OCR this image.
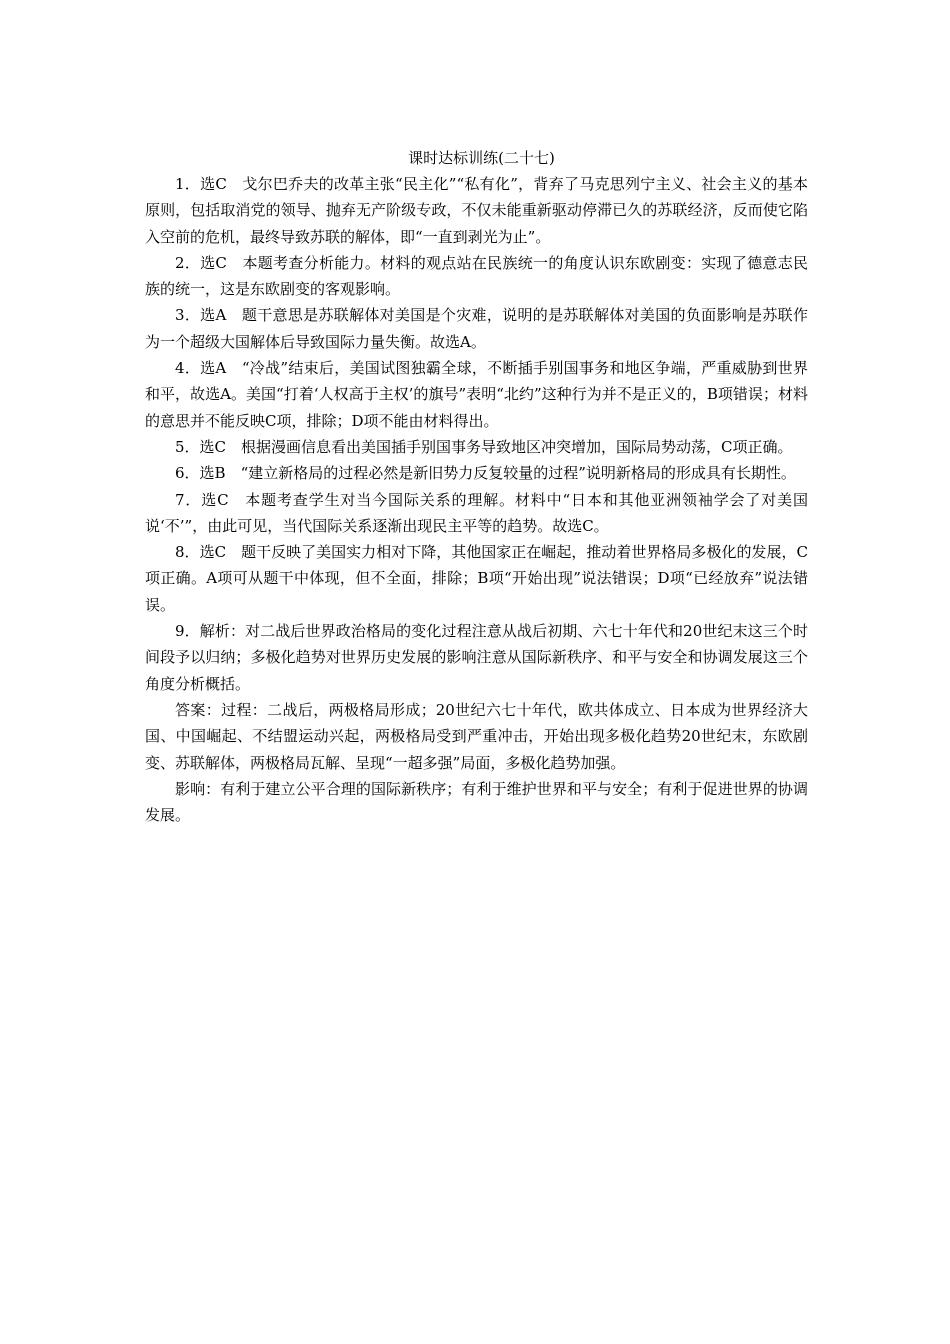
课时达标训练(二十七)

1．选C　戈尔巴乔夫的改革主张“民主化”“私有化”，背弃了马克思列宁主义、社会主义的基本原则，包括取消党的领导、抛弃无产阶级专政，不仅未能重新驱动停滞已久的苏联经济，反而使它陷入空前的危机，最终导致苏联的解体，即“一直到剥光为止”。

2．选C　本题考查分析能力。材料的观点站在民族统一的角度认识东欧剧变：实现了德意志民族的统一，这是东欧剧变的客观影响。

3．选A　题干意思是苏联解体对美国是个灾难，说明的是苏联解体对美国的负面影响是苏联作为一个超级大国解体后导致国际力量失衡。故选A。

4．选A　“冷战”结束后，美国试图独霸全球，不断插手别国事务和地区争端，严重威胁到世界和平，故选A。美国“打着‘人权高于主权’的旗号”表明“北约”这种行为并不是正义的，B项错误；材料的意思并不能反映C项，排除；D项不能由材料得出。

5．选C　根据漫画信息看出美国插手别国事务导致地区冲突增加，国际局势动荡，C项正确。

6．选B　“建立新格局的过程必然是新旧势力反复较量的过程”说明新格局的形成具有长期性。

7．选C　本题考查学生对当今国际关系的理解。材料中“日本和其他亚洲领袖学会了对美国说‘不’”，由此可见，当代国际关系逐渐出现民主平等的趋势。故选C。

8．选C　题干反映了美国实力相对下降，其他国家正在崛起，推动着世界格局多极化的发展，C项正确。A项可从题干中体现，但不全面，排除；B项“开始出现”说法错误；D项“已经放弃”说法错误。

9．解析：对二战后世界政治格局的变化过程注意从战后初期、六七十年代和20世纪末这三个时间段予以归纳；多极化趋势对世界历史发展的影响注意从国际新秩序、和平与安全和协调发展这三个角度分析概括。

答案：过程：二战后，两极格局形成；20世纪六七十年代，欧共体成立、日本成为世界经济大国、中国崛起、不结盟运动兴起，两极格局受到严重冲击，开始出现多极化趋势20世纪末，东欧剧变、苏联解体，两极格局瓦解、呈现“一超多强”局面，多极化趋势加强。

影响：有利于建立公平合理的国际新秩序；有利于维护世界和平与安全；有利于促进世界的协调发展。
